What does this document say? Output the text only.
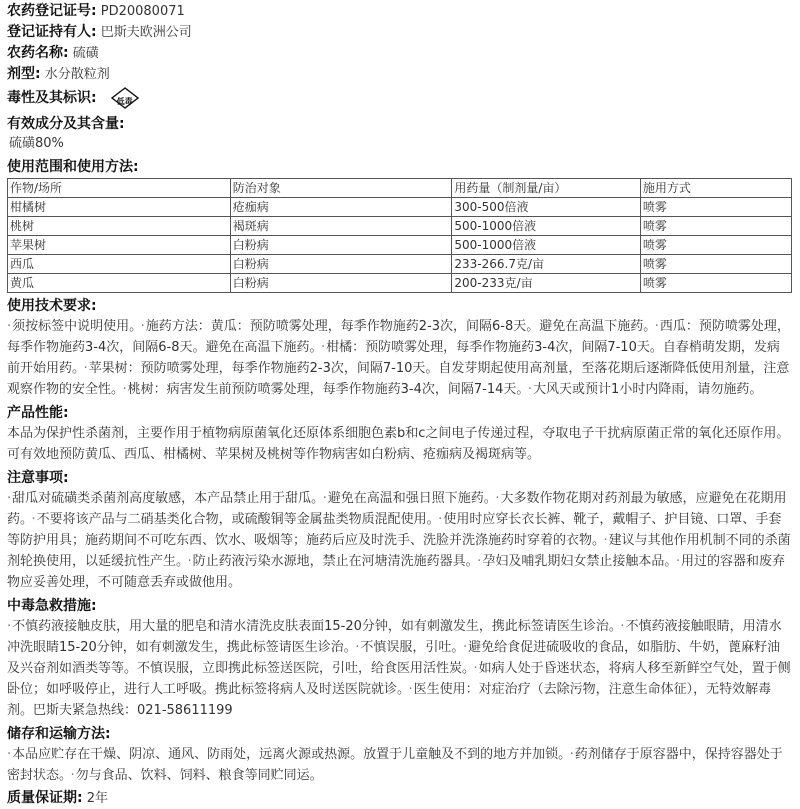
农药登记证号: PD20080071
登记证持有人: 巴斯夫欧洲公司
农药名称: 硫磺
剂型: 水分散粒剂
毒性及其标识:	低毒
有效成分及其含量:
硫磺80%
使用范围和使用方法:
作物/场所	防治对象	用药量（制剂量/亩）	施用方式
柑橘树	疮痂病	300-500倍液	喷雾
桃树	褐斑病	500-1000倍液	喷雾
苹果树	白粉病	500-1000倍液	喷雾
西瓜	白粉病	233-266.7克/亩	喷雾
黄瓜	白粉病	200-233克/亩	喷雾
使用技术要求:
· 须按标签中说明使用。 · 施药方法：黄瓜：预防喷雾处理，每季作物施药2-3次，间隔6-8天。避免在高温下施药。 · 西瓜：预防喷雾处理，每季作物施药3-4次，间隔6-8天。避免在高温下施药。 · 柑橘：预防喷雾处理，每季作物施药3-4次，间隔7-10天。自春梢萌发期，发病前开始用药。 · 苹果树：预防喷雾处理，每季作物施药2-3次，间隔7-10天。自发芽期起使用高剂量，至落花期后逐渐降低使用剂量，注意观察作物的安全性。 · 桃树：病害发生前预防喷雾处理，每季作物施药3-4次，间隔7-14天。 · 大风天或预计1小时内降雨，请勿施药。
产品性能:
本品为保护性杀菌剂，主要作用于植物病原菌氧化还原体系细胞色素b和c之间电子传递过程，夺取电子干扰病原菌正常的氧化还原作用。可有效地预防黄瓜、西瓜、柑橘树、苹果树及桃树等作物病害如白粉病、疮痂病及褐斑病等。
注意事项:
· 甜瓜对硫磺类杀菌剂高度敏感，本产品禁止用于甜瓜。 · 避免在高温和强日照下施药。 · 大多数作物花期对药剂最为敏感，应避免在花期用药。 · 不要将该产品与二硝基类化合物，或硫酸铜等金属盐类物质混配使用。 · 使用时应穿长衣长裤、靴子，戴帽子、护目镜、口罩、手套等防护用具；施药期间不可吃东西、饮水、吸烟等；施药后应及时洗手、洗脸并洗涤施药时穿着的衣物。 · 建议与其他作用机制不同的杀菌剂轮换使用，以延缓抗性产生。 · 防止药液污染水源地，禁止在河塘清洗施药器具。 · 孕妇及哺乳期妇女禁止接触本品。 · 用过的容器和废弃物应妥善处理，不可随意丢弃或做他用。
中毒急救措施:
· 不慎药液接触皮肤，用大量的肥皂和清水清洗皮肤表面15-20分钟，如有刺激发生，携此标签请医生诊治。 · 不慎药液接触眼睛，用清水冲洗眼睛15-20分钟，如有刺激发生，携此标签请医生诊治。 · 不慎误服，引吐。 · 避免给食促进硫吸收的食品，如脂肪、牛奶，蓖麻籽油及兴奋剂如酒类等等。不慎误服，立即携此标签送医院，引吐，给食医用活性炭。 · 如病人处于昏迷状态，将病人移至新鲜空气处，置于侧卧位；如呼吸停止，进行人工呼吸。携此标签将病人及时送医院就诊。 · 医生使用：对症治疗（去除污物，注意生命体征），无特效解毒剂。巴斯夫紧急热线：021-58611199
储存和运输方法:
· 本品应贮存在干燥、阴凉、通风、防雨处，远离火源或热源。放置于儿童触及不到的地方并加锁。 · 药剂储存于原容器中，保持容器处于密封状态。 · 勿与食品、饮料、饲料、粮食等同贮同运。
质量保证期: 2年
